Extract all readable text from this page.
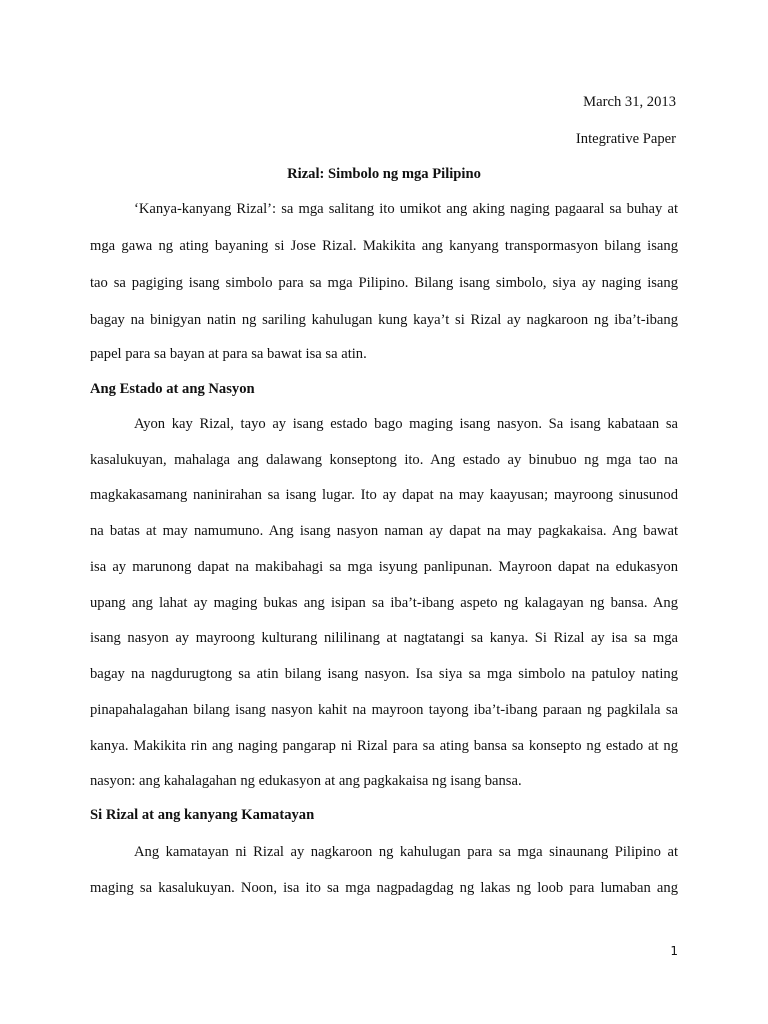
March 31, 2013
Integrative Paper
Rizal: Simbolo ng mga Pilipino
‘Kanya-kanyang Rizal’: sa mga salitang ito umikot ang aking naging pagaaral sa buhay at
mga gawa ng ating bayaning si Jose Rizal. Makikita ang kanyang transpormasyon bilang isang
tao sa pagiging isang simbolo para sa mga Pilipino. Bilang isang simbolo, siya ay naging isang
bagay na binigyan natin ng sariling kahulugan kung kaya’t si Rizal ay nagkaroon ng iba’t-ibang
papel para sa bayan at para sa bawat isa sa atin.
Ang Estado at ang Nasyon
Ayon kay Rizal, tayo ay isang estado bago maging isang nasyon. Sa isang kabataan sa
kasalukuyan, mahalaga ang dalawang konseptong ito. Ang estado ay binubuo ng mga tao na
magkakasamang naninirahan sa isang lugar. Ito ay dapat na may kaayusan; mayroong sinusunod
na batas at may namumuno. Ang isang nasyon naman ay dapat na may pagkakaisa. Ang bawat
isa ay marunong dapat na makibahagi sa mga isyung panlipunan. Mayroon dapat na edukasyon
upang ang lahat ay maging bukas ang isipan sa iba’t-ibang aspeto ng kalagayan ng bansa. Ang
isang nasyon ay mayroong kulturang nililinang at nagtatangi sa kanya. Si Rizal ay isa sa mga
bagay na nagdurugtong sa atin bilang isang nasyon. Isa siya sa mga simbolo na patuloy nating
pinapahalagahan bilang isang nasyon kahit na mayroon tayong iba’t-ibang paraan ng pagkilala sa
kanya. Makikita rin ang naging pangarap ni Rizal para sa ating bansa sa konsepto ng estado at ng
nasyon: ang kahalagahan ng edukasyon at ang pagkakaisa ng isang bansa.
Si Rizal at ang kanyang Kamatayan
Ang kamatayan ni Rizal ay nagkaroon ng kahulugan para sa mga sinaunang Pilipino at
maging sa kasalukuyan. Noon, isa ito sa mga nagpadagdag ng lakas ng loob para lumaban ang
1
